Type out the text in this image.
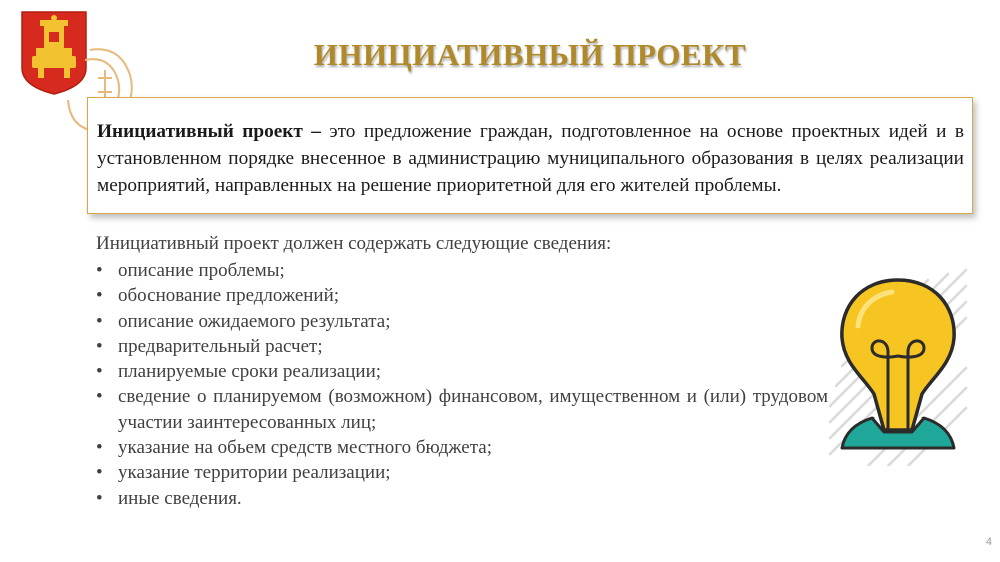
ИНИЦИАТИВНЫЙ ПРОЕКТ
Инициативный проект – это предложение граждан, подготовленное на основе проектных идей и в установленном порядке внесенное в администрацию муниципального образования в целях реализации мероприятий, направленных на решение приоритетной для его жителей проблемы.
Инициативный проект должен содержать следующие сведения:
• описание проблемы;
• обоснование предложений;
• описание ожидаемого результата;
• предварительный расчет;
• планируемые сроки реализации;
• сведение о планируемом (возможном) финансовом, имущественном и (или) трудовом участии заинтересованных лиц;
• указание на обьем средств местного бюджета;
• указание территории реализации;
• иные сведения.
4
